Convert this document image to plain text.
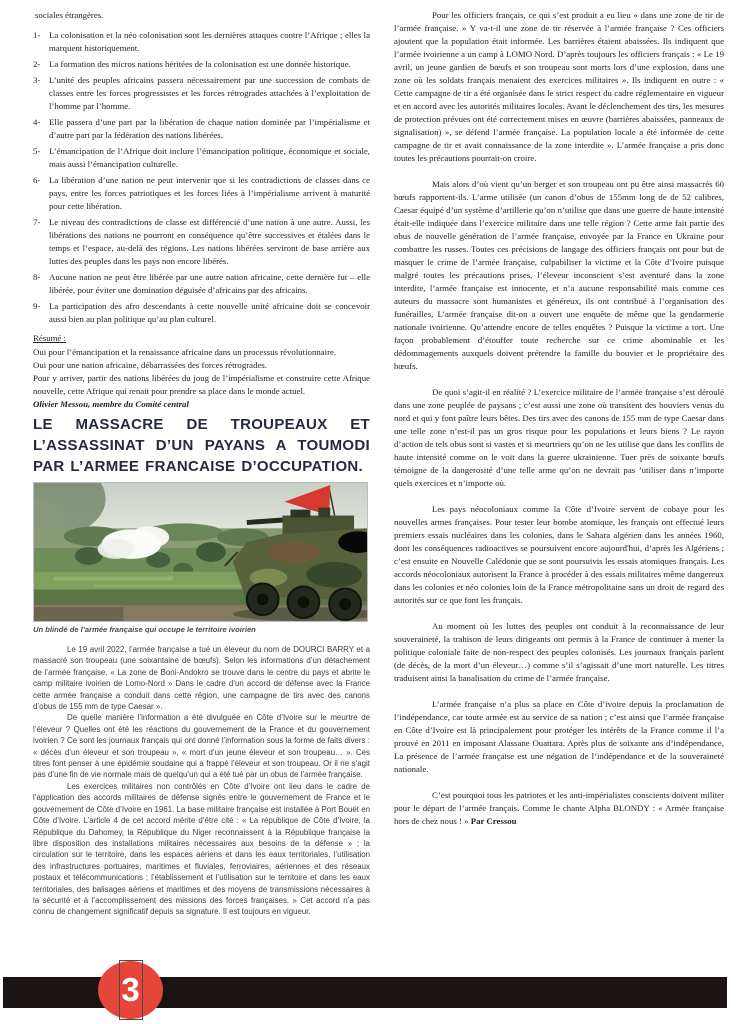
sociales étrangères.

1- La colonisation et la néo colonisation sont les dernières attaques contre l’Afrique ; elles la marquent historiquement.
2- La formation des micros nations héritées de la colonisation est une donnée historique.
3- L’unité des peuples africains passera nécessairement par une succession de combats de classes entre les forces progressistes et les forces rétrogrades attachées à l’exploitation de l’homme par l’homme.
4- Elle passera d’une part par la libération de chaque nation dominée par l’impérialisme et d’autre part par la fédération des nations libérées.
5- L’émancipation de l’Afrique doit inclure l’émancipation politique, économique et sociale, mais aussi l’émancipation culturelle.
6- La libération d’une nation ne peut intervenir que si les contradictions de classes dans ce pays, entre les forces patriotiques et les forces liées à l’impérialisme arrivent à maturité pour cette libération.
7- Le niveau des contradictions de classe est différencié d’une nation à une autre. Aussi, les libérations des nations ne pourront en conséquence qu’être successives et étalées dans le temps et l’espace, au-delà des régions. Les nations libérées serviront de base arrière aux luttes des peuples dans les pays non encore libérés.
8- Aucune nation ne peut être libérée par une autre nation africaine, cette dernière fut – elle libérée, pour éviter une domination déguisée d’africains par des africains.
9- La participation des afro descendants à cette nouvelle unité africaine doit se concevoir aussi bien au plan politique qu’au plan culturel.

Résumé :

Oui pour l’émancipation et la renaissance africaine dans un processus révolutionnaire.

Oui pour une nation africaine, débarrassées des forces rétrogrades.

Pour y arriver, partir des nations libérées du joug de l’impérialisme et construire cette Afrique nouvelle, cette Afrique qui renait pour prendre sa place dans le monde actuel.

Olivier Messou, membre du Comité central

LE MASSACRE DE TROUPEAUX ET L’ASSASSINAT D’UN PAYANS A TOUMODI PAR L’ARMEE FRANCAISE D’OCCUPATION.

Un blindé de l’armée française qui occupe le territoire ivoirien

Le 19 avril 2022, l’armée française a tué un éleveur du nom de DOURCI BARRY et a massacré son troupeau (une soixantaine de bœufs). Selon les informations d’un détachement de l’armée française, « La zone de Boni-Andokro se trouve dans le centre du pays et abrite le camp militaire ivoirien de Lomo-Nord » Dans le cadre d’un accord de défense avec la France cette armée française a conduit dans cette région, une campagne de tirs avec des canons d’obus de 155 mm de type Caesar ».

De quelle manière l’information a été divulguée en Côte d’Ivoire sur le meurtre de l’éleveur ? Quelles ont été les réactions du gouvernement de la France et du gouvernement ivoirien ? Ce sont les journaux français qui ont donné l’information sous la forme de faits divers : « décès d’un éleveur et son troupeau », « mort d’un jeune éleveur et son troupeau… ». Ces titres font penser à une épidémie soudaine qui a frappé l’éleveur et son troupeau. Or il ne s’agit pas d’une fin de vie normale mais de quelqu’un qui a été tué par un obus de l’armée française.

Les exercices militaires non contrôlés en Côte d’Ivoire ont lieu dans le cadre de l’application des accords militaires de défense signés entre le gouvernement de France et le gouvernement de Côte d’Ivoire en 1961. La base militaire française est installée à Port Bouët en Côte d’Ivoire. L’article 4 de cet accord mérite d’être cité : « La république de Côte d’Ivoire, la République du Dahomey, la République du Niger reconnaissent à la République française la libre disposition des installations militaires nécessaires aux besoins de la défense » ; la circulation sur le territoire, dans les espaces aériens et dans les eaux territoriales, l’utilisation des infrastructures portuaires, maritimes et fluviales, ferroviaires, aériennes et des réseaux postaux et télécommunications ; l’établissement et l’utilisation sur le territoire et dans les eaux territoriales, des balisages aériens et maritimes et des moyens de transmissions nécessaires à la sécurité et à l’accomplissement des missions des forces françaises. » Cet accord n’a pas connu de changement significatif depuis sa signature. Il est toujours en vigueur.

Pour les officiers français, ce qui s’est produit a eu lieu « dans une zone de tir de l’armée française. » Y va-t-il une zone de tir réservée à l’armée française ? Ces officiers ajoutent que la population était informée. Les barrières étaient abaissées. Ils indiquent que l’armée ivoirienne a un camp à LOMO Nord. D’après toujours les officiers français : « Le 19 avril, un jeune gardien de bœufs et son troupeau sont morts lors d’une explosion, dans une zone où les soldats français menaient des exercices militaires ». Ils indiquent en outre : « Cette campagne de tir a été organisée dans le strict respect du cadre réglementaire en vigueur et en accord avec les autorités militaires locales. Avant le déclenchement des tirs, les mesures de protection prévues ont été correctement mises en œuvre (barrières abaissées, panneaux de signalisation) », se défend l’armée française. La population locale a été informée de cette campagne de tir et avait connaissance de la zone interdite ». L’armée française a pris donc toutes les précautions pourrait-on croire.

Mais alors d’où vient qu’un berger et son troupeau ont pu être ainsi massacrés 60 bœufs rapportent-ils. L’arme utilisée (un canon d’obus de 155mm long de de 52 calibres, Caesar équipé d’un système d’artillerie qu’on n’utilise que dans une guerre de haute intensité était-elle indiquée dans l’exercice militaire dans une telle région ? Cette arme fait partie des obus de nouvelle génération de l’armée française, envoyée par la France en Ukraine pour combattre les russes. Toutes ces précisions de langage des officiers français ont pour but de masquer le crime de l’armée française, culpabiliser la victime et la Côte d’Ivoire puisque malgré toutes les précautions prises, l’éleveur inconscient s’est aventuré dans la zone interdite, l’armée française est innocente, et n’a aucune responsabilité mais comme ces auteurs du massacre sont humanistes et généreux, ils ont contribué à l’organisation des funérailles, L’armée française dit-on a ouvert une enquête de même que la gendarmerie nationale ivoirienne. Qu’attendre encore de telles enquêtes ? Puisque la victime a tort. Une façon probablement d’étouffer toute recherche sur ce crime abominable et les dédommagements auxquels doivent prétendre la famille du bouvier et le propriétaire des bœufs.

De quoi s’agit-il en réalité ? L’exercice militaire de l’armée française s’est déroulé dans une zone peuplée de paysans ; c’est aussi une zone où transitent des bouviers venus du nord et qui y font paître leurs bêtes. Des tirs avec des canons de 155 mm de type Caesar dans une telle zone n’est-il pas un gros risque pour les populations et leurs biens ? Le rayon d’action de tels obus sont si vastes et si meurtriers qu’on ne les utilise que dans les conflits de haute intensité comme on le voit dans la guerre ukrainienne. Tuer près de soixante bœufs témoigne de la dangerosité d’une telle arme qu’on ne devrait pas ’utiliser dans n’importe quels exercices et n’importe où.

Les pays néocoloniaux comme la Côte d’Ivoire servent de cobaye pour les nouvelles armes françaises. Pour tester leur bombe atomique, les français ont effectué leurs premiers essais nucléaires dans les colonies, dans le Sahara algérien dans les années 1960, dont les conséquences radioactives se poursuivent encore aujourd'hui, d’après les Algériens ; c’est ensuite en Nouvelle Calédonie que se sont poursuivis les essais atomiques français. Les accords néocoloniaux autorisent la France à procéder à des essais militaires même dangereux dans les colonies et néo colonies loin de la France métropolitaine sans un droit de regard des autorités sur ce que font les français.

Au moment où les luttes des peuples ont conduit à la reconnaissance de leur souveraineté, la trahison de leurs dirigeants ont permis à la France de continuer à mener la politique coloniale faite de non-respect des peuples colonisés. Les journaux français parlent (de décès, de la mort d’un éleveur…) comme s’il s’agissait d’une mort naturelle. Les titres traduisent ainsi la banalisation du crime de l’armée française.

L’armée française n’a plus sa place en Côte d’ivoire depuis la proclamation de l’indépendance, car toute armée est au service de sa nation ; c’est ainsi que l’armée française en Côte d’Ivoire est là principalement pour protéger les intérêts de la France comme il l’a prouvé en 2011 en imposant Alassane Ouattara. Après plus de soixante ans d’indépendance, La présence de l’armée française est une négation de l’indépendance et de la souveraineté nationale.

C’est pourquoi tous les patriotes et les anti-impérialistes conscients doivent militer pour le départ de l’armée français. Comme le chante Alpha BLONDY : « Armée française hors de chez nous ! » Par Cressou

3
